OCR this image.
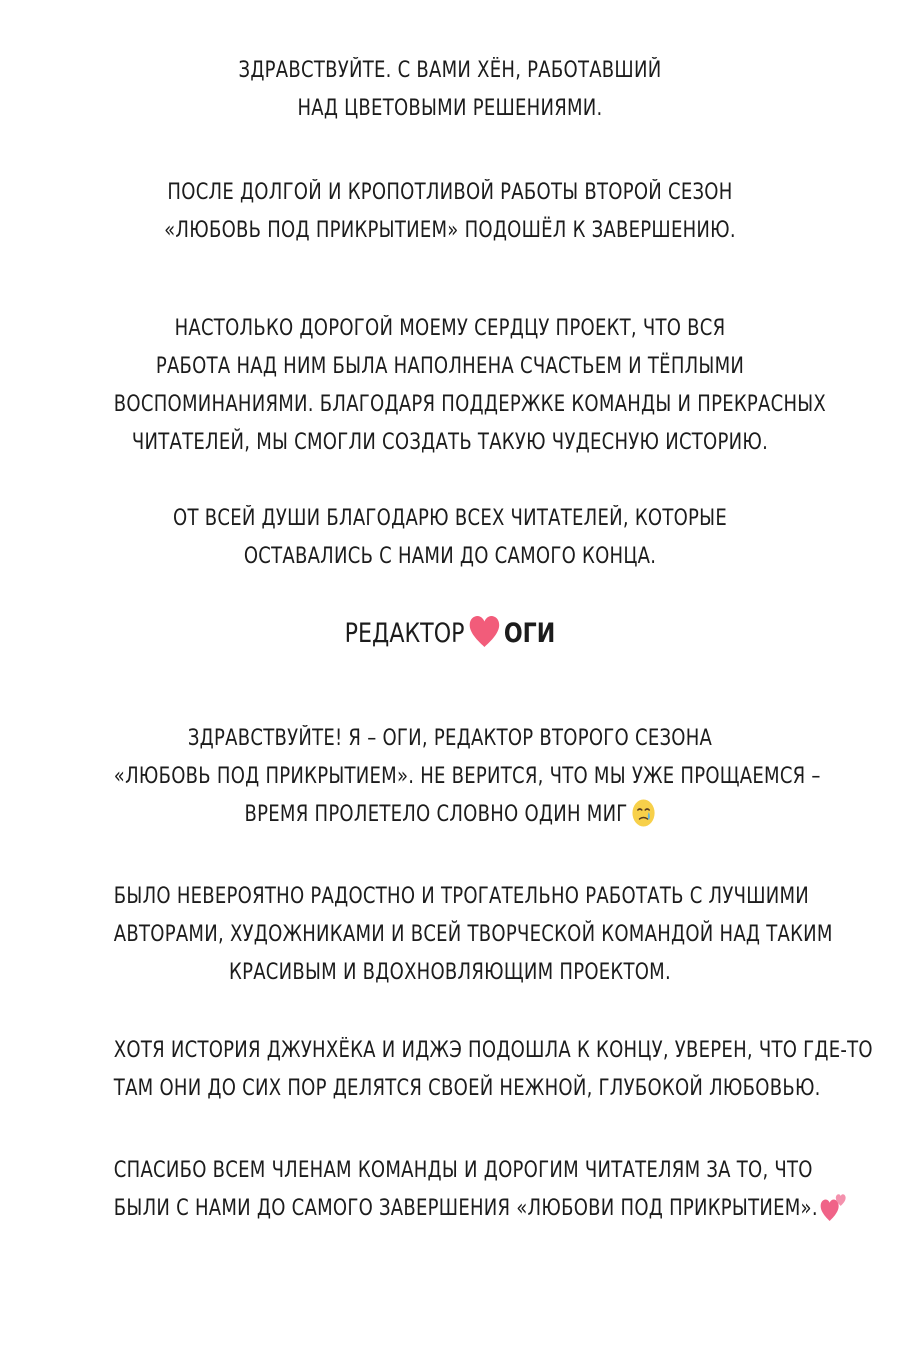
ЗДРАВСТВУЙТЕ. С ВАМИ ХЁН, РАБОТАВШИЙ
НАД ЦВЕТОВЫМИ РЕШЕНИЯМИ.
ПОСЛЕ ДОЛГОЙ И КРОПОТЛИВОЙ РАБОТЫ ВТОРОЙ СЕЗОН
«ЛЮБОВЬ ПОД ПРИКРЫТИЕМ» ПОДОШЁЛ К ЗАВЕРШЕНИЮ.
НАСТОЛЬКО ДОРОГОЙ МОЕМУ СЕРДЦУ ПРОЕКТ, ЧТО ВСЯ
РАБОТА НАД НИМ БЫЛА НАПОЛНЕНА СЧАСТЬЕМ И ТЁПЛЫМИ
ВОСПОМИНАНИЯМИ. БЛАГОДАРЯ ПОДДЕРЖКЕ КОМАНДЫ И ПРЕКРАСНЫХ
ЧИТАТЕЛЕЙ, МЫ СМОГЛИ СОЗДАТЬ ТАКУЮ ЧУДЕСНУЮ ИСТОРИЮ.
ОТ ВСЕЙ ДУШИ БЛАГОДАРЮ ВСЕХ ЧИТАТЕЛЕЙ, КОТОРЫЕ
ОСТАВАЛИСЬ С НАМИ ДО САМОГО КОНЦА.
РЕДАКТОР ОГИ
ЗДРАВСТВУЙТЕ! Я – ОГИ, РЕДАКТОР ВТОРОГО СЕЗОНА
«ЛЮБОВЬ ПОД ПРИКРЫТИЕМ». НЕ ВЕРИТСЯ, ЧТО МЫ УЖЕ ПРОЩАЕМСЯ –
ВРЕМЯ ПРОЛЕТЕЛО СЛОВНО ОДИН МИГ
БЫЛО НЕВЕРОЯТНО РАДОСТНО И ТРОГАТЕЛЬНО РАБОТАТЬ С ЛУЧШИМИ
АВТОРАМИ, ХУДОЖНИКАМИ И ВСЕЙ ТВОРЧЕСКОЙ КОМАНДОЙ НАД ТАКИМ
КРАСИВЫМ И ВДОХНОВЛЯЮЩИМ ПРОЕКТОМ.
ХОТЯ ИСТОРИЯ ДЖУНХЁКА И ИДЖЭ ПОДОШЛА К КОНЦУ, УВЕРЕН, ЧТО ГДЕ-ТО
ТАМ ОНИ ДО СИХ ПОР ДЕЛЯТСЯ СВОЕЙ НЕЖНОЙ, ГЛУБОКОЙ ЛЮБОВЬЮ.
СПАСИБО ВСЕМ ЧЛЕНАМ КОМАНДЫ И ДОРОГИМ ЧИТАТЕЛЯМ ЗА ТО, ЧТО
БЫЛИ С НАМИ ДО САМОГО ЗАВЕРШЕНИЯ «ЛЮБОВИ ПОД ПРИКРЫТИЕМ».
